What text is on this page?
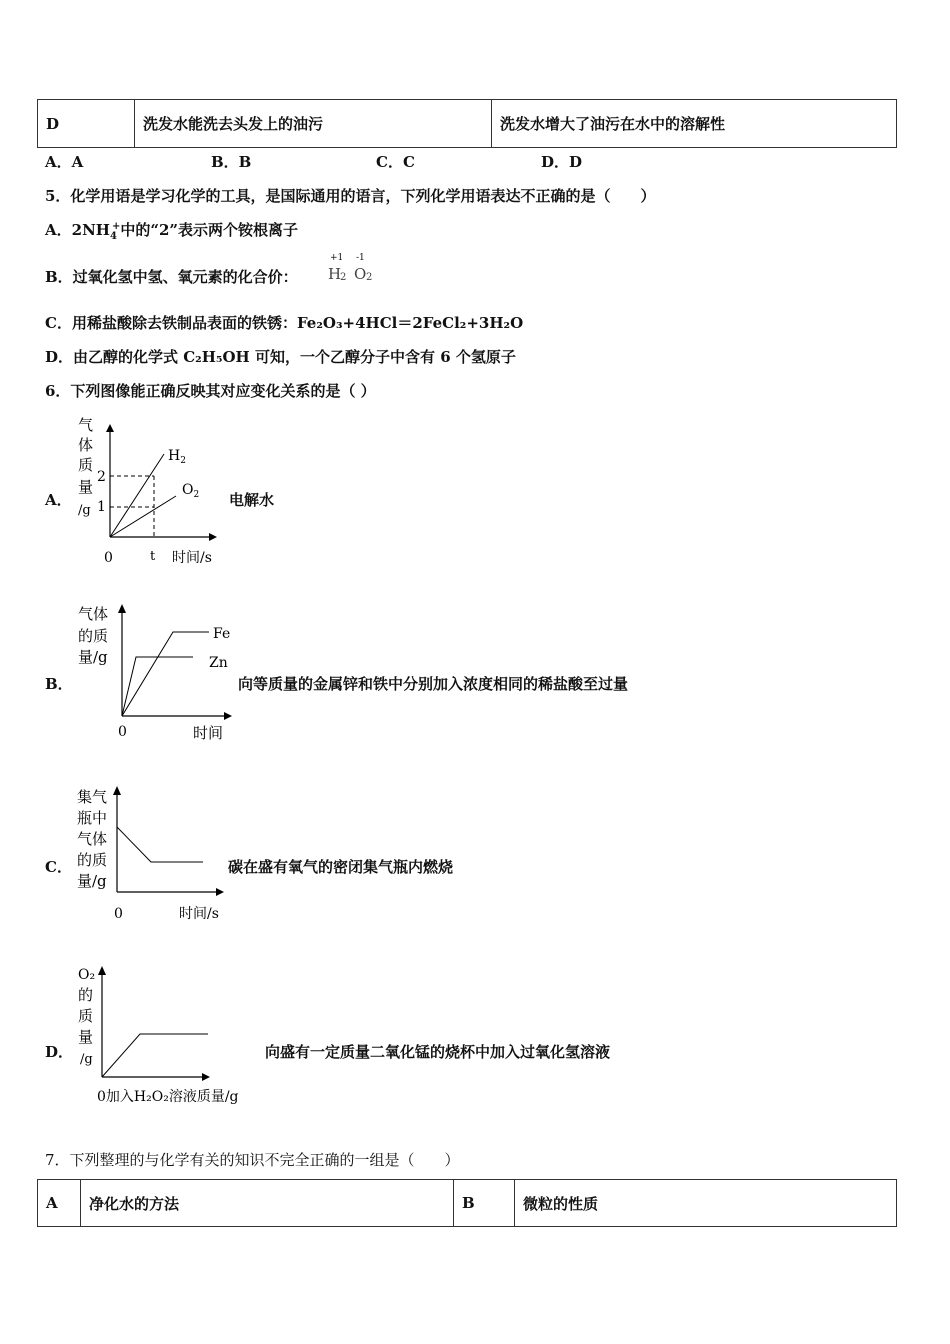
D	洗发水能洗去头发上的油污	洗发水增大了油污在水中的溶解性
A．A	B．B	C．C	D．D
5．化学用语是学习化学的工具，是国际通用的语言，下列化学用语表达不正确的是（　　）
A．$2NH_4^+$中的“2”表示两个铵根离子
B．过氧化氢中氢、氧元素的化合价：
+1 -1
H
2 O 2
C．用稀盐酸除去铁制品表面的铁锈：Fe₂O₃+4HCl＝2FeCl₂+3H₂O
D．由乙醇的化学式 C₂H₅OH 可知，一个乙醇分子中含有 6 个氢原子
6．下列图像能正确反映其对应变化关系的是（ ）
A．
气
体
质
量
/g
2
1
0	t 时间/s
$H_2$
$O_2$ 电解水
B．
气体
的质
量/g
Fe
Zn
0	时间
向等质量的金属锌和铁中分别加入浓度相同的稀盐酸至过量
C．
集气
瓶中
气体
的质
量/g
0	时间/s
碳在盛有氧气的密闭集气瓶内燃烧
D．
O₂
的
质
量
/g
0加入H₂O₂溶液质量/g
向盛有一定质量二氧化锰的烧杯中加入过氧化氢溶液
7．下列整理的与化学有关的知识不完全正确的一组是（　　）
A	净化水的方法	B	微粒的性质
